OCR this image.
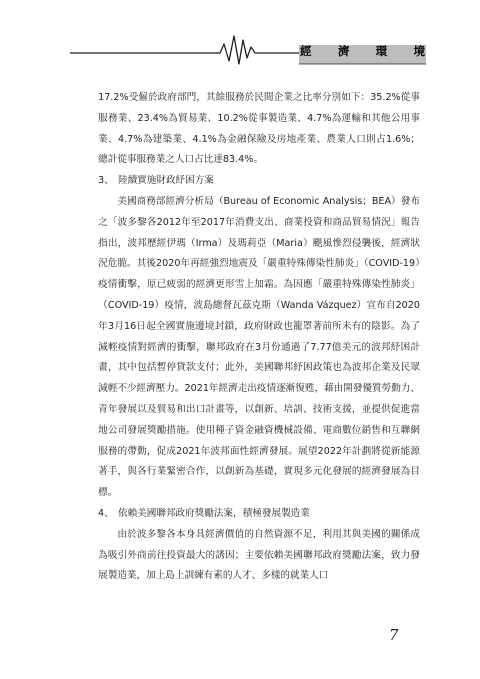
經 濟 環 境

17.2%受僱於政府部門，其餘服務於民間企業之比率分別如下：35.2%從事服務業、23.4%為貿易業、10.2%從事製造業、4.7%為運輸和其他公用事業、4.7%為建築業、4.1%為金融保險及房地產業、農業人口則占1.6%；總計從事服務業之人口占比達83.4%。

3、 陸續實施財政紓困方案

美國商務部經濟分析局（Bureau of Economic Analysis；BEA）發布之「波多黎各2012年至2017年消費支出、商業投資和商品貿易情況」報告指出，波邦歷經伊瑪（Irma）及瑪莉亞（Maria）颶風慘烈侵襲後，經濟狀況危脆。其後2020年再經強烈地震及「嚴重特殊傳染性肺炎」（COVID-19）疫情衝擊，原已疲弱的經濟更形雪上加霜。為因應「嚴重特殊傳染性肺炎」（COVID-19）疫情，波島總督瓦茲克斯（Wanda Vázquez）宣布自2020年3月16日起全國實施邊境封鎖，政府財政也籠罩著前所未有的陰影。為了減輕疫情對經濟的衝擊，聯邦政府在3月份通過了7.77億美元的波邦紓困計畫，其中包括暫停貸款支付；此外，美國聯邦紓困政策也為波邦企業及民眾減輕不少經濟壓力。2021年經濟走出疫情逐漸復甦，藉由開發優質勞動力、青年發展以及貿易和出口計畫等，以創新、培訓、技術支援，並提供促進當地公司發展獎勵措施。使用種子資金融資機械設備、電商數位銷售和互聯網服務的帶動，促成2021年波邦面性經濟發展。展望2022年計劃將從新能源著手，與各行業緊密合作，以創新為基礎，實現多元化發展的經濟發展為目標。

4、 依賴美國聯邦政府獎勵法案，積極發展製造業

由於波多黎各本身具經濟價值的自然資源不足，利用其與美國的關係成為吸引外商前往投資最大的誘因；主要依賴美國聯邦政府獎勵法案，致力發展製造業，加上島上訓練有素的人才、多樣的就業人口

7
